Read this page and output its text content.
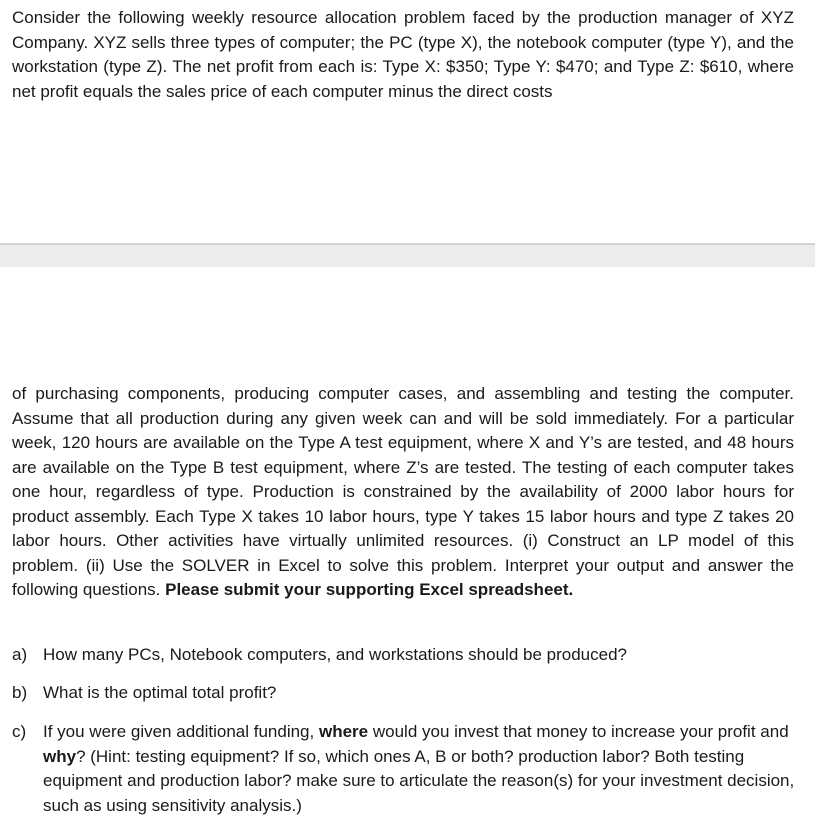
Consider the following weekly resource allocation problem faced by the production manager of XYZ Company. XYZ sells three types of computer; the PC (type X), the notebook computer (type Y), and the workstation (type Z). The net profit from each is: Type X: $350; Type Y: $470; and Type Z: $610, where net profit equals the sales price of each computer minus the direct costs

of purchasing components, producing computer cases, and assembling and testing the computer. Assume that all production during any given week can and will be sold immediately. For a particular week, 120 hours are available on the Type A test equipment, where X and Y’s are tested, and 48 hours are available on the Type B test equipment, where Z’s are tested. The testing of each computer takes one hour, regardless of type. Production is constrained by the availability of 2000 labor hours for product assembly. Each Type X takes 10 labor hours, type Y takes 15 labor hours and type Z takes 20 labor hours. Other activities have virtually unlimited resources. (i) Construct an LP model of this problem. (ii) Use the SOLVER in Excel to solve this problem. Interpret your output and answer the following questions. Please submit your supporting Excel spreadsheet.

a) How many PCs, Notebook computers, and workstations should be produced?
b) What is the optimal total profit?
c) If you were given additional funding, where would you invest that money to increase your profit and why? (Hint: testing equipment? If so, which ones A, B or both? production labor? Both testing equipment and production labor? make sure to articulate the reason(s) for your investment decision, such as using sensitivity analysis.)
